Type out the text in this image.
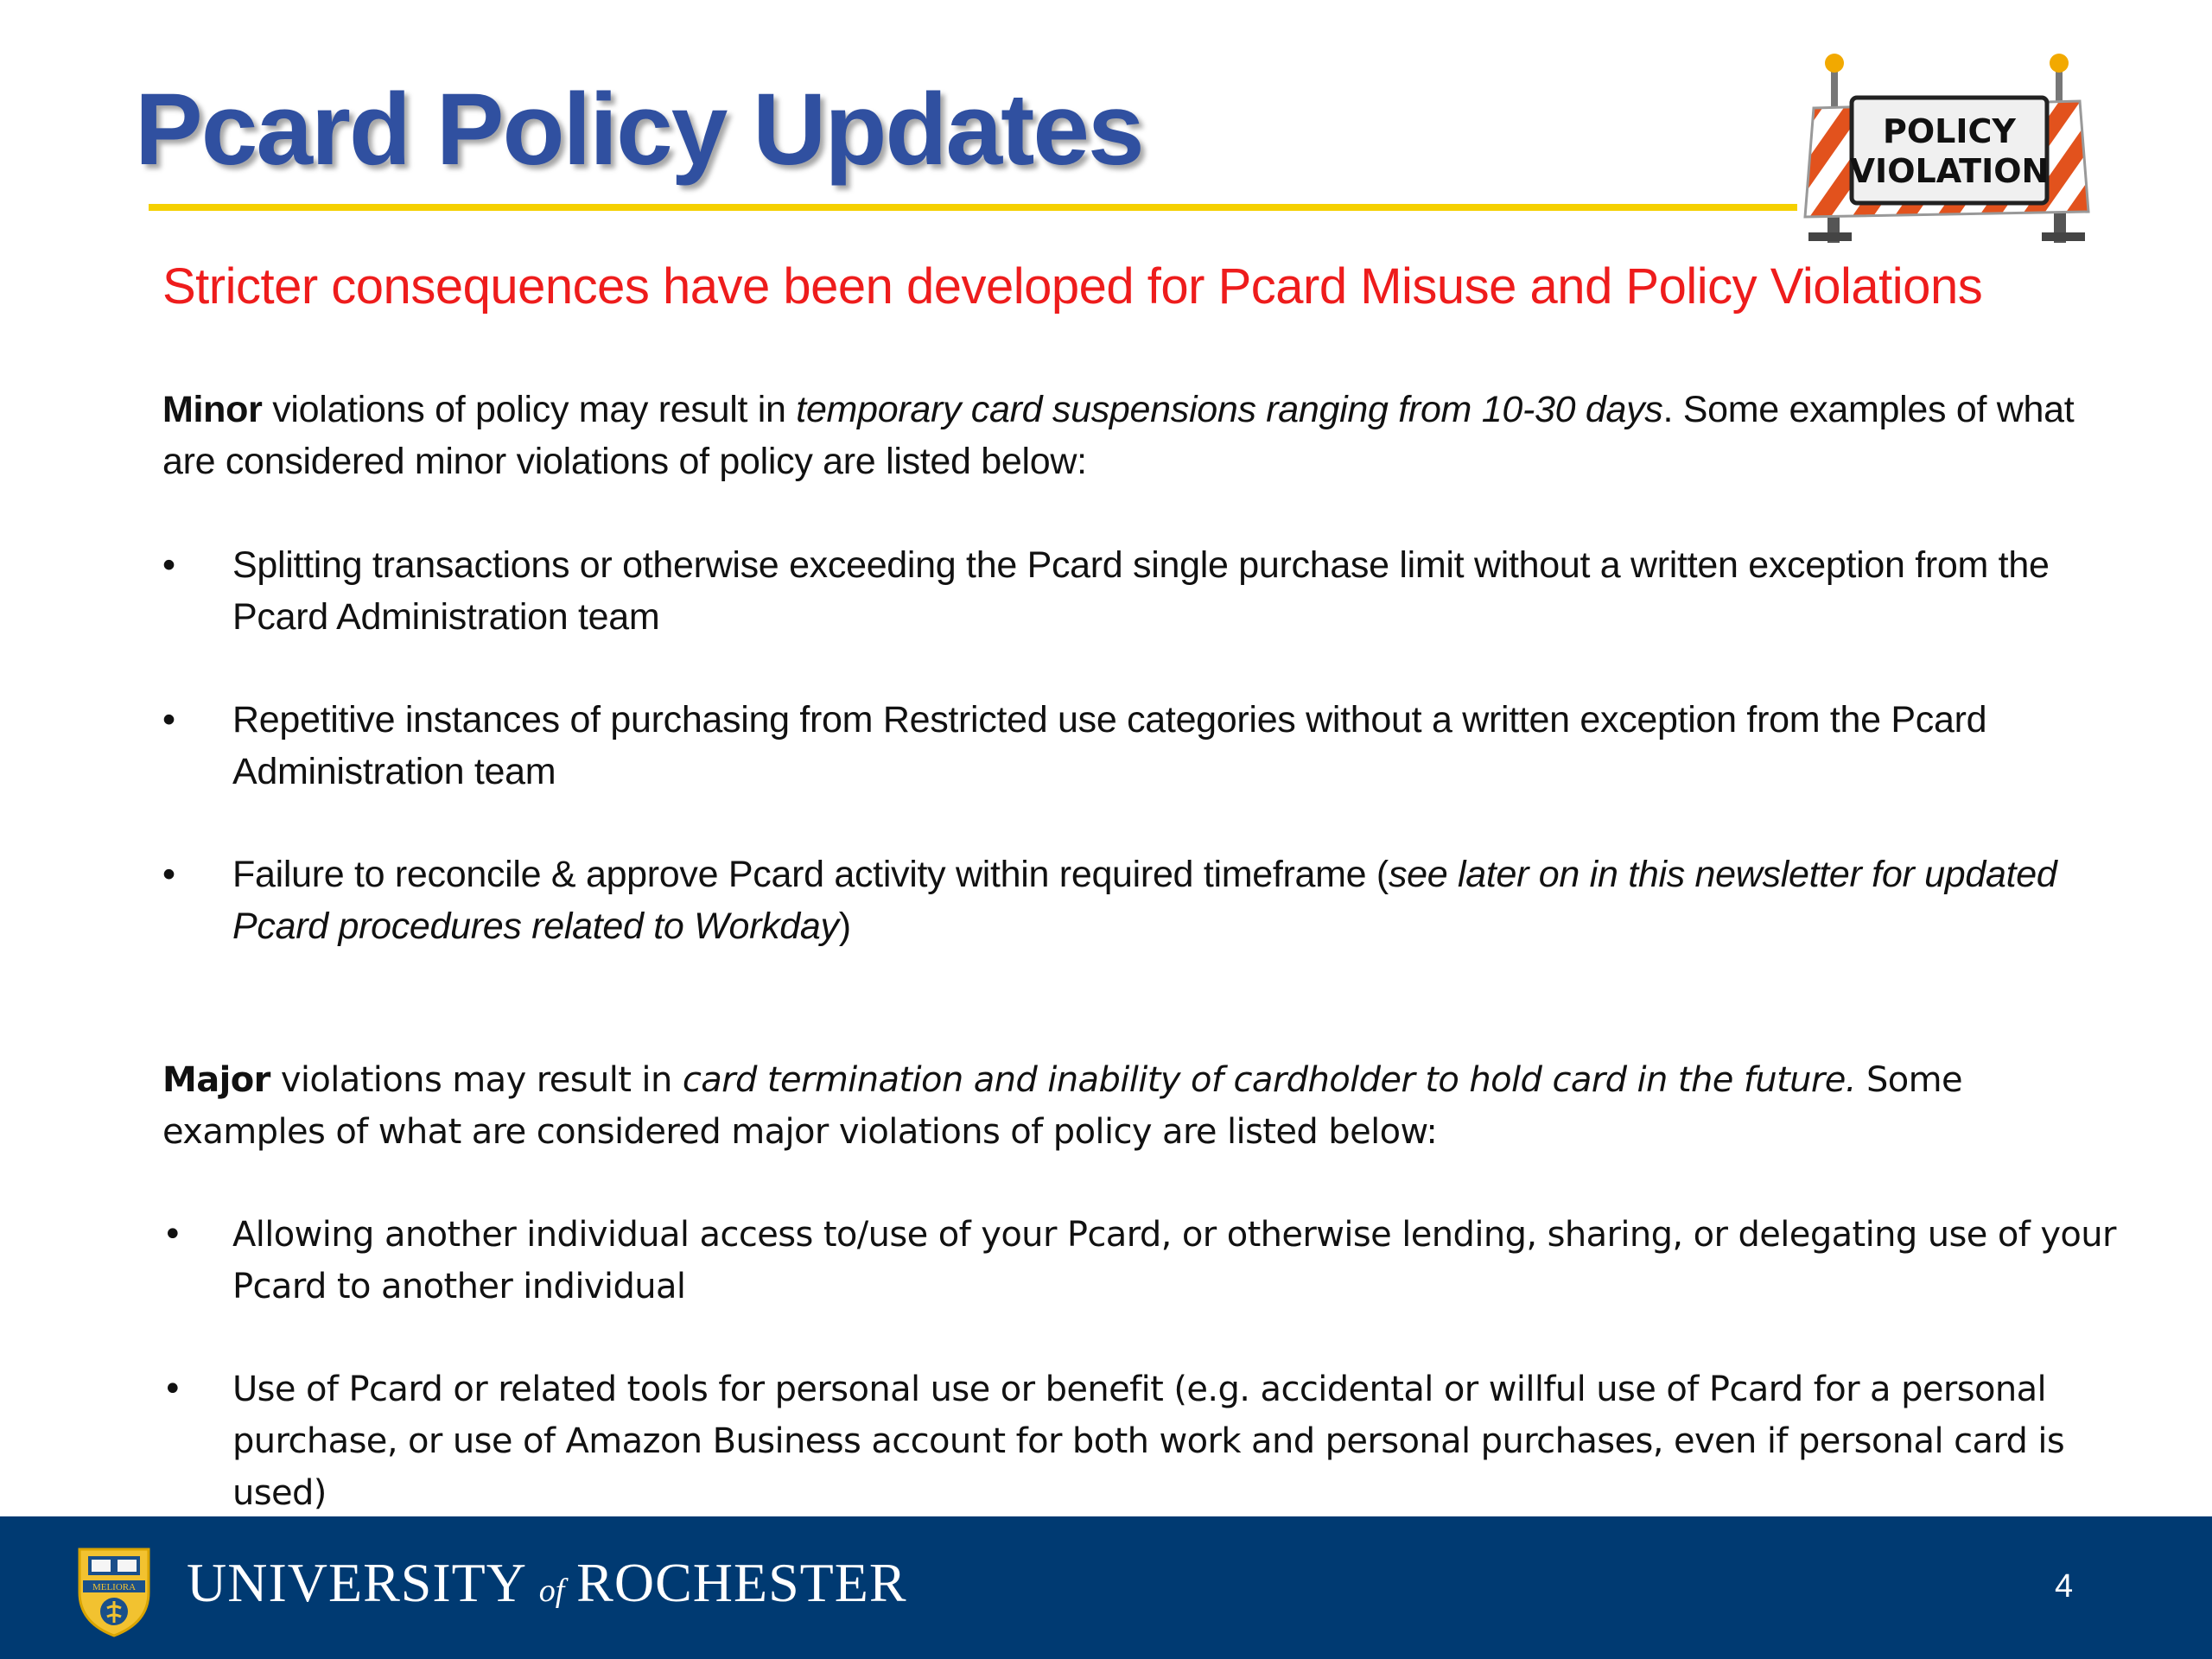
Pcard Policy Updates	POLICY
VIOLATION

Stricter consequences have been developed for Pcard Misuse and Policy Violations

Minor violations of policy may result in temporary card suspensions ranging from 10-30 days. Some examples of what are considered minor violations of policy are listed below:

•	Splitting transactions or otherwise exceeding the Pcard single purchase limit without a written exception from the Pcard Administration team
•	Repetitive instances of purchasing from Restricted use categories without a written exception from the Pcard Administration team
•	Failure to reconcile & approve Pcard activity within required timeframe (see later on in this newsletter for updated Pcard procedures related to Workday)

Major violations may result in card termination and inability of cardholder to hold card in the future. Some examples of what are considered major violations of policy are listed below:

• Allowing another individual access to/use of your Pcard, or otherwise lending, sharing, or delegating use of your Pcard to another individual
• Use of Pcard or related tools for personal use or benefit (e.g. accidental or willful use of Pcard for a personal purchase, or use of Amazon Business account for both work and personal purchases, even if personal card is used)
MELIORA UNIVERSITY  of  ROCHESTER	4
